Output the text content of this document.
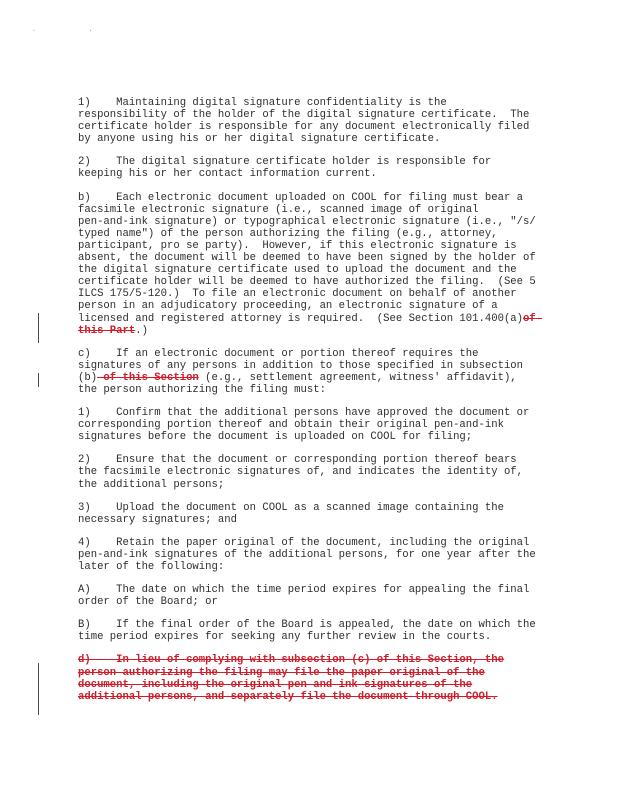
. .

1)    Maintaining digital signature confidentiality is the
responsibility of the holder of the digital signature certificate.  The
certificate holder is responsible for any document electronically filed
by anyone using his or her digital signature certificate.

2)    The digital signature certificate holder is responsible for
keeping his or her contact information current.

b)    Each electronic document uploaded on COOL for filing must bear a
facsimile electronic signature (i.e., scanned image of original
pen-and-ink signature) or typographical electronic signature (i.e., "/s/
typed name") of the person authorizing the filing (e.g., attorney,
participant, pro se party).  However, if this electronic signature is
absent, the document will be deemed to have been signed by the holder of
the digital signature certificate used to upload the document and the
certificate holder will be deemed to have authorized the filing.  (See 5
ILCS 175/5-120.)  To file an electronic document on behalf of another
person in an adjudicatory proceeding, an electronic signature of a
licensed and registered attorney is required.  (See Section 101.400(a)of this Part.)

c)    If an electronic document or portion thereof requires the
signatures of any persons in addition to those specified in subsection
(b) of this Section (e.g., settlement agreement, witness' affidavit),
the person authorizing the filing must:

1)    Confirm that the additional persons have approved the document or
corresponding portion thereof and obtain their original pen-and-ink
signatures before the document is uploaded on COOL for filing;

2)    Ensure that the document or corresponding portion thereof bears
the facsimile electronic signatures of, and indicates the identity of,
the additional persons;

3)    Upload the document on COOL as a scanned image containing the
necessary signatures; and

4)    Retain the paper original of the document, including the original
pen-and-ink signatures of the additional persons, for one year after the
later of the following:

A)    The date on which the time period expires for appealing the final
order of the Board; or

B)    If the final order of the Board is appealed, the date on which the
time period expires for seeking any further review in the courts.

d)    In lieu of complying with subsection (c) of this Section, the
person authorizing the filing may file the paper original of the
document, including the original pen and ink signatures of the
additional persons, and separately file the document through COOL.
